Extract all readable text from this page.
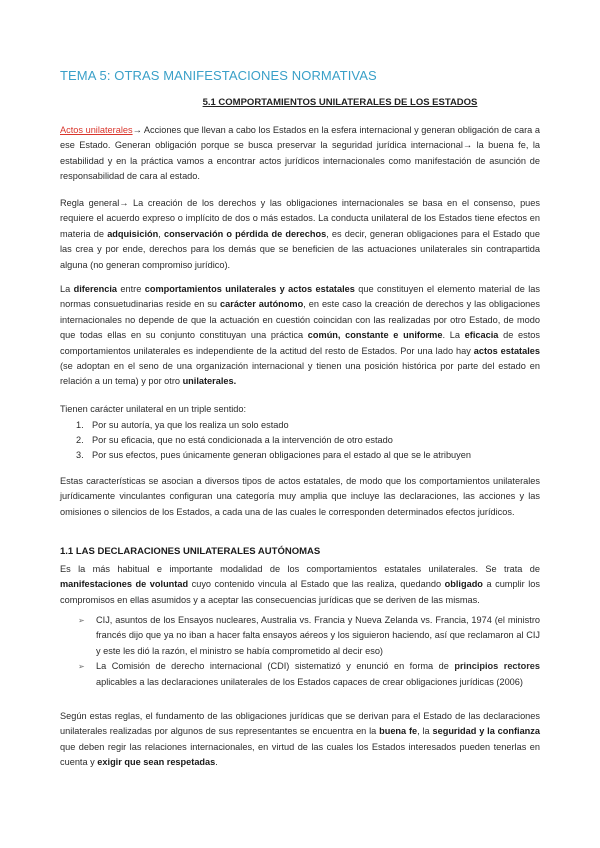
TEMA 5: OTRAS MANIFESTACIONES NORMATIVAS
5.1 COMPORTAMIENTOS UNILATERALES DE LOS ESTADOS
Actos unilaterales→ Acciones que llevan a cabo los Estados en la esfera internacional y generan obligación de cara a ese Estado. Generan obligación porque se busca preservar la seguridad jurídica internacional→ la buena fe, la estabilidad y en la práctica vamos a encontrar actos jurídicos internacionales como manifestación de asunción de responsabilidad de cara al estado.
Regla general→ La creación de los derechos y las obligaciones internacionales se basa en el consenso, pues requiere el acuerdo expreso o implícito de dos o más estados. La conducta unilateral de los Estados tiene efectos en materia de adquisición, conservación o pérdida de derechos, es decir, generan obligaciones para el Estado que las crea y por ende, derechos para los demás que se beneficien de las actuaciones unilaterales sin contrapartida alguna (no generan compromiso jurídico).
La diferencia entre comportamientos unilaterales y actos estatales que constituyen el elemento material de las normas consuetudinarias reside en su carácter autónomo, en este caso la creación de derechos y las obligaciones internacionales no depende de que la actuación en cuestión coincidan con las realizadas por otro Estado, de modo que todas ellas en su conjunto constituyan una práctica común, constante e uniforme. La eficacia de estos comportamientos unilaterales es independiente de la actitud del resto de Estados. Por una lado hay actos estatales (se adoptan en el seno de una organización internacional y tienen una posición histórica por parte del estado en relación a un tema) y por otro unilaterales.
Tienen carácter unilateral en un triple sentido:
1. Por su autoría, ya que los realiza un solo estado
2. Por su eficacia, que no está condicionada a la intervención de otro estado
3. Por sus efectos, pues únicamente generan obligaciones para el estado al que se le atribuyen
Estas características se asocian a diversos tipos de actos estatales, de modo que los comportamientos unilaterales jurídicamente vinculantes configuran una categoría muy amplia que incluye las declaraciones, las acciones y las omisiones o silencios de los Estados, a cada una de las cuales le corresponden determinados efectos jurídicos.
1.1 LAS DECLARACIONES UNILATERALES AUTÓNOMAS
Es la más habitual e importante modalidad de los comportamientos estatales unilaterales. Se trata de manifestaciones de voluntad cuyo contenido vincula al Estado que las realiza, quedando obligado a cumplir los compromisos en ellas asumidos y a aceptar las consecuencias jurídicas que se deriven de las mismas.
➢ CIJ, asuntos de los Ensayos nucleares, Australia vs. Francia y Nueva Zelanda vs. Francia, 1974 (el ministro francés dijo que ya no iban a hacer falta ensayos aéreos y los siguieron haciendo, así que reclamaron al CIJ y este les dió la razón, el ministro se había comprometido al decir eso)
➢ La Comisión de derecho internacional (CDI) sistematizó y enunció en forma de principios rectores aplicables a las declaraciones unilaterales de los Estados capaces de crear obligaciones jurídicas (2006)
Según estas reglas, el fundamento de las obligaciones jurídicas que se derivan para el Estado de las declaraciones unilaterales realizadas por algunos de sus representantes se encuentra en la buena fe, la seguridad y la confianza que deben regir las relaciones internacionales, en virtud de las cuales los Estados interesados pueden tenerlas en cuenta y exigir que sean respetadas.
